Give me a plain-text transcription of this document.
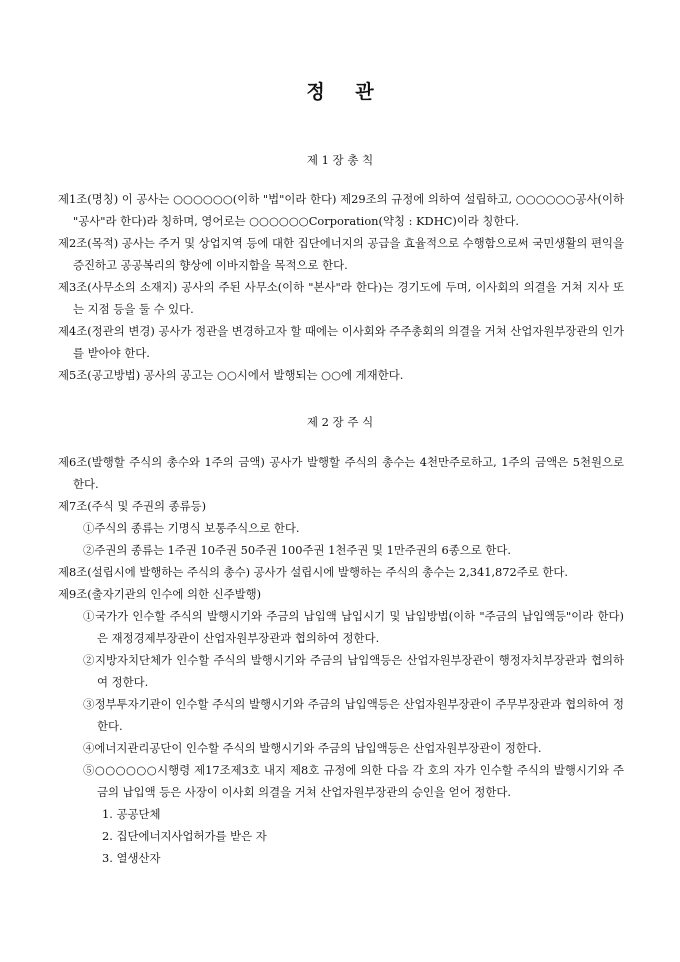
정 관
제 1 장 총 칙

제1조(명칭) 이 공사는 ○○○○○○(이하 "법"이라 한다) 제29조의 규정에 의하여 설립하고, ○○○○○○공사(이하 "공사"라 한다)라 칭하며, 영어로는 ○○○○○○Corporation(약칭 : KDHC)이라 칭한다.

제2조(목적) 공사는 주거 및 상업지역 등에 대한 집단에너지의 공급을 효율적으로 수행함으로써 국민생활의 편익을 증진하고 공공복리의 향상에 이바지함을 목적으로 한다.

제3조(사무소의 소재지) 공사의 주된 사무소(이하 "본사"라 한다)는 경기도에 두며, 이사회의 의결을 거쳐 지사 또는 지점 등을 둘 수 있다.

제4조(정관의 변경) 공사가 정관을 변경하고자 할 때에는 이사회와 주주총회의 의결을 거쳐 산업자원부장관의 인가를 받아야 한다.

제5조(공고방법) 공사의 공고는 ○○시에서 발행되는 ○○에 게재한다.

제 2 장 주 식

제6조(발행할 주식의 총수와 1주의 금액) 공사가 발행할 주식의 총수는 4천만주로하고, 1주의 금액은 5천원으로 한다.

제7조(주식 및 주권의 종류등)

①주식의 종류는 기명식 보통주식으로 한다.

②주권의 종류는 1주권 10주권 50주권 100주권 1천주권 및 1만주권의 6종으로 한다.

제8조(설립시에 발행하는 주식의 총수) 공사가 설립시에 발행하는 주식의 총수는 2,341,872주로 한다.

제9조(출자기관의 인수에 의한 신주발행)

①국가가 인수할 주식의 발행시기와 주금의 납입액 납입시기 및 납입방법(이하 "주금의 납입액등"이라 한다)은 재정경제부장관이 산업자원부장관과 협의하여 정한다.

②지방자치단체가 인수할 주식의 발행시기와 주금의 납입액등은 산업자원부장관이 행정자치부장관과 협의하여 정한다.

③정부투자기관이 인수할 주식의 발행시기와 주금의 납입액등은 산업자원부장관이 주무부장관과 협의하여 정한다.

④에너지관리공단이 인수할 주식의 발행시기와 주금의 납입액등은 산업자원부장관이 정한다.

⑤○○○○○○시행령 제17조제3호 내지 제8호 규정에 의한 다음 각 호의 자가 인수할 주식의 발행시기와 주금의 납입액 등은 사장이 이사회 의결을 거쳐 산업자원부장관의 승인을 얻어 정한다.

1. 공공단체

2. 집단에너지사업허가를 받은 자

3. 열생산자
